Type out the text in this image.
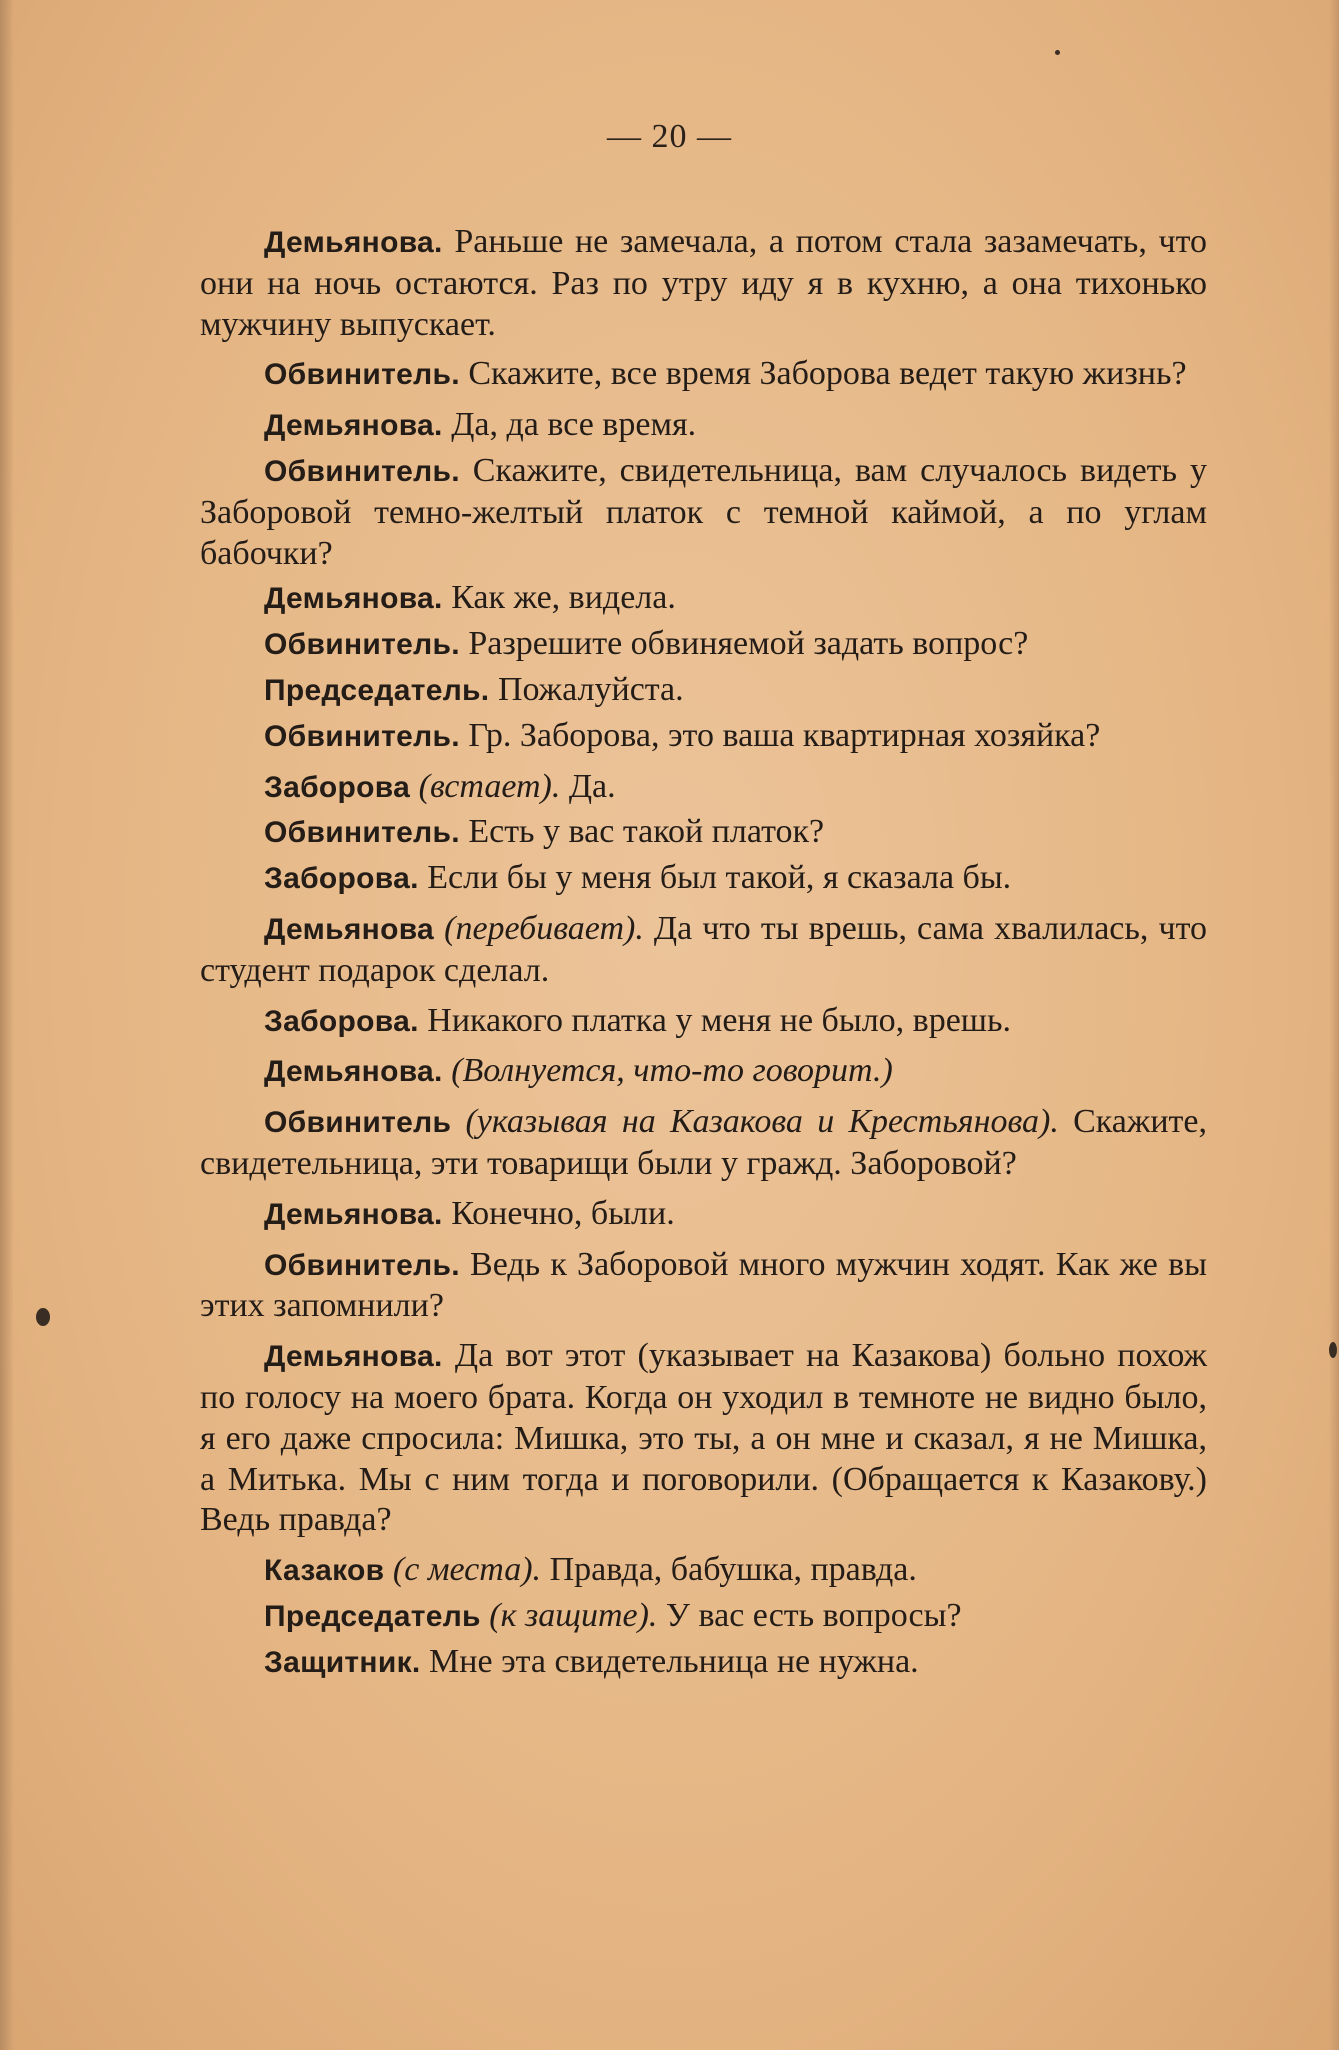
— 20 —

Демьянова. Раньше не замечала, а потом стала зазамечать, что они на ночь остаются. Раз по утру иду я в кухню, а она тихонько мужчину выпускает.

Обвинитель. Скажите, все время Заборова ведет такую жизнь?

Демьянова. Да, да все время.

Обвинитель. Скажите, свидетельница, вам случалось видеть у Заборовой темно-желтый платок с темной каймой, а по углам бабочки?

Демьянова. Как же, видела.

Обвинитель. Разрешите обвиняемой задать вопрос?

Председатель. Пожалуйста.

Обвинитель. Гр. Заборова, это ваша квартирная хозяйка?

Заборова (встает). Да.

Обвинитель. Есть у вас такой платок?

Заборова. Если бы у меня был такой, я сказала бы.

Демьянова (перебивает). Да что ты врешь, сама хвалилась, что студент подарок сделал.

Заборова. Никакого платка у меня не было, врешь.

Демьянова. (Волнуется, что-то говорит.)

Обвинитель (указывая на Казакова и Крестьянова). Скажите, свидетельница, эти товарищи были у гражд. Заборовой?

Демьянова. Конечно, были.

Обвинитель. Ведь к Заборовой много мужчин ходят. Как же вы этих запомнили?

Демьянова. Да вот этот (указывает на Казакова) больно похож по голосу на моего брата. Когда он уходил в темноте не видно было, я его даже спросила: Мишка, это ты, а он мне и сказал, я не Мишка, а Митька. Мы с ним тогда и поговорили. (Обращается к Казакову.) Ведь правда?

Казаков (с места). Правда, бабушка, правда.

Председатель (к защите). У вас есть вопросы?

Защитник. Мне эта свидетельница не нужна.
